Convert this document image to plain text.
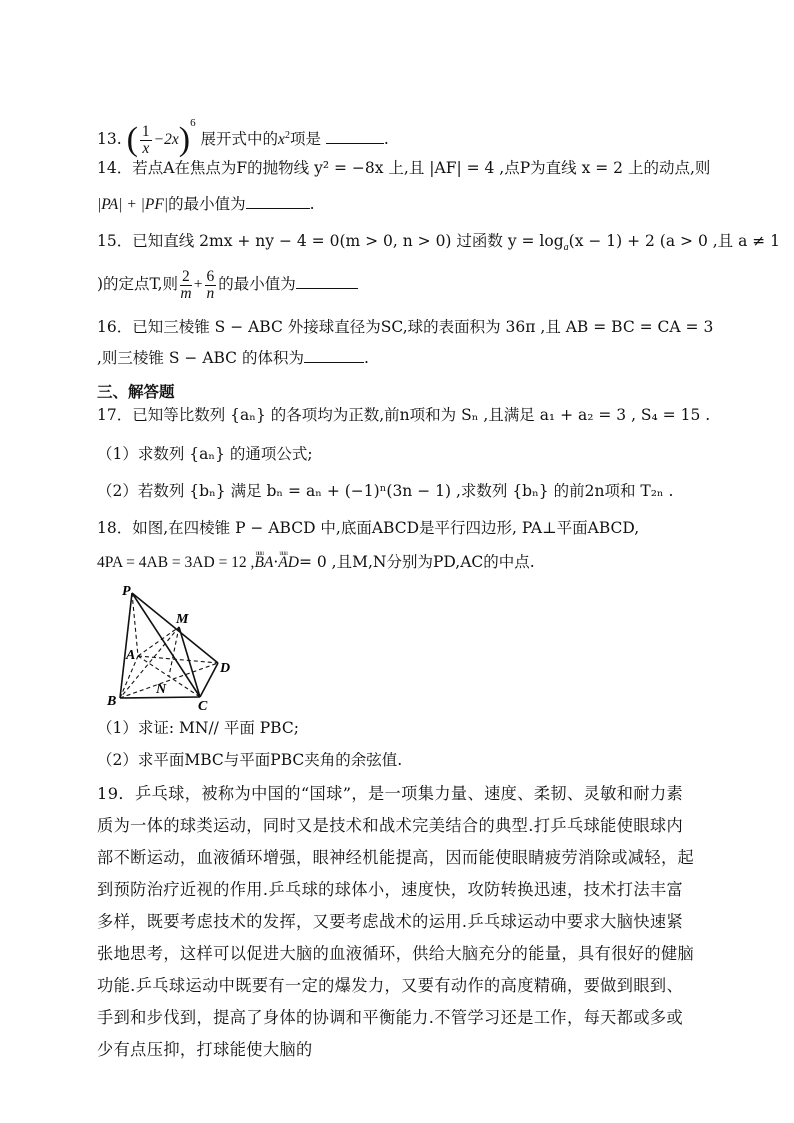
13. ( $\frac{1}{x} -2x)^6$ 展开式中的$x^2$项是	.
14．若点A在焦点为F的抛物线 y² = −8x 上,且 |AF| = 4 ,点P为直线 x = 2 上的动点,则
|PA| + |PF|的最小值为	.
15．已知直线 2mx + ny − 4 = 0(m > 0, n > 0) 过函数 $y = \log_a(x - 1) + 2$ (a > 0 ,且 a ≠ 1
)的定点T,则 $\frac{2}{m} + \frac{6}{n}$ 的最小值为
16．已知三棱锥 S − ABC 外接球直径为SC,球的表面积为 36π ,且 AB = BC = CA = 3
,则三棱锥 S − ABC 的体积为	.
三、解答题
17．已知等比数列 {aₙ} 的各项均为正数,前n项和为 Sₙ ,且满足 a₁ + a₂ = 3 , S₄ = 15 .
（1）求数列 {aₙ} 的通项公式;
（2）若数列 {bₙ} 满足 bₙ = aₙ + (−1)ⁿ(3n − 1) ,求数列 {bₙ} 的前2n项和 T₂ₙ .
18．如图,在四棱锥 P − ABCD 中,底面ABCD是平行四边形, PA⊥平面ABCD,
4PA = 4AB = 3AD = 12 ,uuu BA·uuu AD= 0 ,且M,N分别为PD,AC的中点.
P
M
A
D
B
N
C
（1）求证: MN// 平面 PBC;
（2）求平面MBC与平面PBC夹角的余弦值.
19．乒乓球，被称为中国的“国球”，是一项集力量、速度、柔韧、灵敏和耐力素质为一体的球类运动，同时又是技术和战术完美结合的典型.打乒乓球能使眼球内部不断运动，血液循环增强，眼神经机能提高，因而能使眼睛疲劳消除或减轻，起到预防治疗近视的作用.乒乓球的球体小，速度快，攻防转换迅速，技术打法丰富多样，既要考虑技术的发挥，又要考虑战术的运用.乒乓球运动中要求大脑快速紧张地思考，这样可以促进大脑的血液循环，供给大脑充分的能量，具有很好的健脑功能.乒乓球运动中既要有一定的爆发力，又要有动作的高度精确，要做到眼到、手到和步伐到，提高了身体的协调和平衡能力.不管学习还是工作，每天都或多或少有点压抑，打球能使大脑的
